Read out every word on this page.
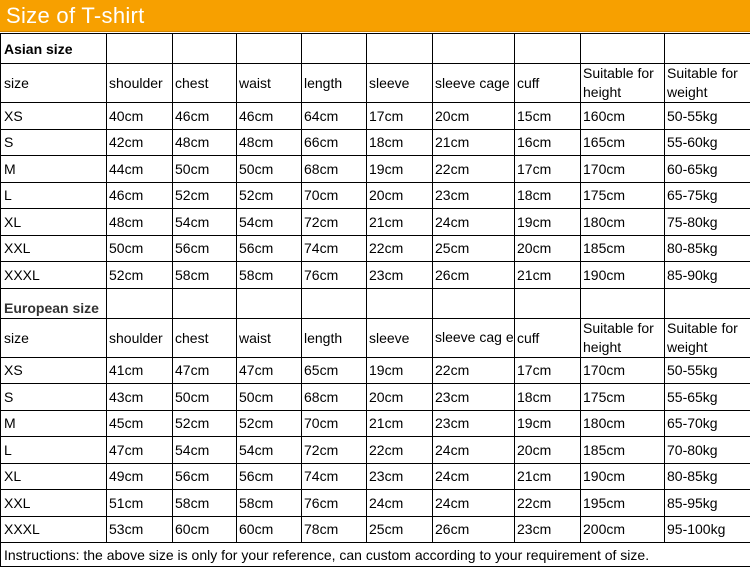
Size of T-shirt
Asian size									
size	shoulder	chest	waist	length	sleeve	sleeve cage	cuff	Suitable for height	Suitable for weight
XS	40cm	46cm	46cm	64cm	17cm	20cm	15cm	160cm	50-55kg
S	42cm	48cm	48cm	66cm	18cm	21cm	16cm	165cm	55-60kg
M	44cm	50cm	50cm	68cm	19cm	22cm	17cm	170cm	60-65kg
L	46cm	52cm	52cm	70cm	20cm	23cm	18cm	175cm	65-75kg
XL	48cm	54cm	54cm	72cm	21cm	24cm	19cm	180cm	75-80kg
XXL	50cm	56cm	56cm	74cm	22cm	25cm	20cm	185cm	80-85kg
XXXL	52cm	58cm	58cm	76cm	23cm	26cm	21cm	190cm	85-90kg
European size									
size	shoulder	chest	waist	length	sleeve	sleeve cag e	cuff	Suitable for height	Suitable for weight
XS	41cm	47cm	47cm	65cm	19cm	22cm	17cm	170cm	50-55kg
S	43cm	50cm	50cm	68cm	20cm	23cm	18cm	175cm	55-65kg
M	45cm	52cm	52cm	70cm	21cm	23cm	19cm	180cm	65-70kg
L	47cm	54cm	54cm	72cm	22cm	24cm	20cm	185cm	70-80kg
XL	49cm	56cm	56cm	74cm	23cm	24cm	21cm	190cm	80-85kg
XXL	51cm	58cm	58cm	76cm	24cm	24cm	22cm	195cm	85-95kg
XXXL	53cm	60cm	60cm	78cm	25cm	26cm	23cm	200cm	95-100kg
Instructions: the above size is only for your reference, can custom according to your requirement of size.									
